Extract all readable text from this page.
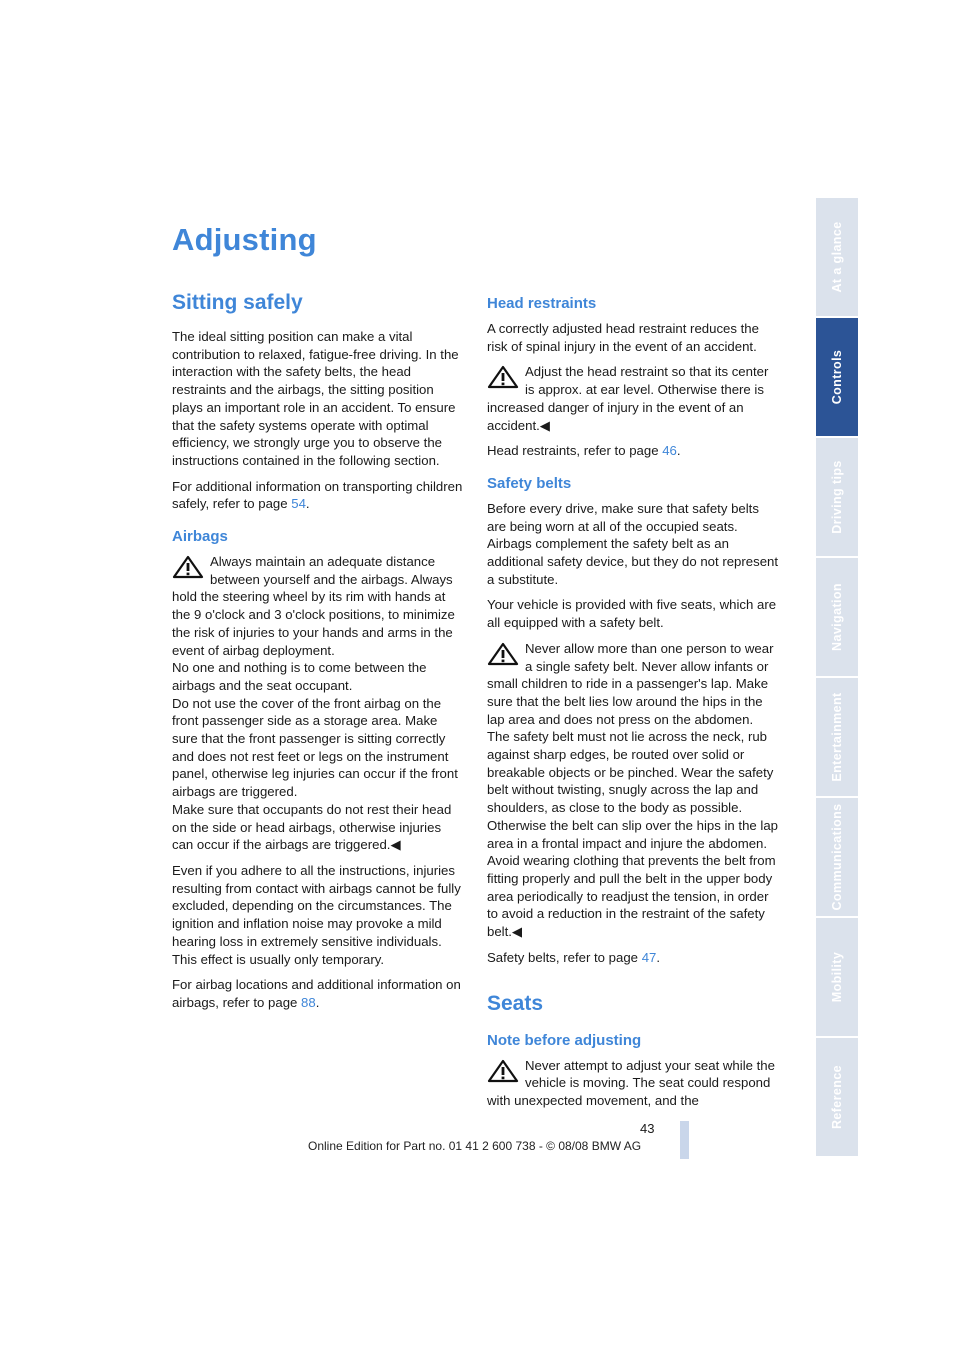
Adjusting
Sitting safely

The ideal sitting position can make a vital contribution to relaxed, fatigue-free driving. In the interaction with the safety belts, the head restraints and the airbags, the sitting position plays an important role in an accident. To ensure that the safety systems operate with optimal efficiency, we strongly urge you to observe the instructions contained in the following section.

For additional information on transporting children safely, refer to page 54.

Airbags
Always maintain an adequate distance between yourself and the airbags. Always hold the steering wheel by its rim with hands at the 9 o'clock and 3 o'clock positions, to minimize the risk of injuries to your hands and arms in the event of airbag deployment.
No one and nothing is to come between the airbags and the seat occupant.
Do not use the cover of the front airbag on the front passenger side as a storage area. Make sure that the front passenger is sitting correctly and does not rest feet or legs on the instrument panel, otherwise leg injuries can occur if the front airbags are triggered.
Make sure that occupants do not rest their head on the side or head airbags, otherwise injuries can occur if the airbags are triggered.◀

Even if you adhere to all the instructions, injuries resulting from contact with airbags cannot be fully excluded, depending on the circumstances. The ignition and inflation noise may provoke a mild hearing loss in extremely sensitive individuals. This effect is usually only temporary.

For airbag locations and additional information on airbags, refer to page 88.

Head restraints

A correctly adjusted head restraint reduces the risk of spinal injury in the event of an accident.

Adjust the head restraint so that its center is approx. at ear level. Otherwise there is increased danger of injury in the event of an accident.◀

Head restraints, refer to page 46.

Safety belts

Before every drive, make sure that safety belts are being worn at all of the occupied seats. Airbags complement the safety belt as an additional safety device, but they do not represent a substitute.

Your vehicle is provided with five seats, which are all equipped with a safety belt.

Never allow more than one person to wear a single safety belt. Never allow infants or small children to ride in a passenger's lap. Make sure that the belt lies low around the hips in the lap area and does not press on the abdomen. The safety belt must not lie across the neck, rub against sharp edges, be routed over solid or breakable objects or be pinched. Wear the safety belt without twisting, snugly across the lap and shoulders, as close to the body as possible. Otherwise the belt can slip over the hips in the lap area in a frontal impact and injure the abdomen. Avoid wearing clothing that prevents the belt from fitting properly and pull the belt in the upper body area periodically to readjust the tension, in order to avoid a reduction in the restraint of the safety belt.◀

Safety belts, refer to page 47.

Seats
Note before adjusting
Never attempt to adjust your seat while the vehicle is moving. The seat could respond with unexpected movement, and the
At a glance
Controls
Driving tips
Navigation
Entertainment
Communications
Mobility
Reference
43
Online Edition for Part no. 01 41 2 600 738 - © 08/08 BMW AG
